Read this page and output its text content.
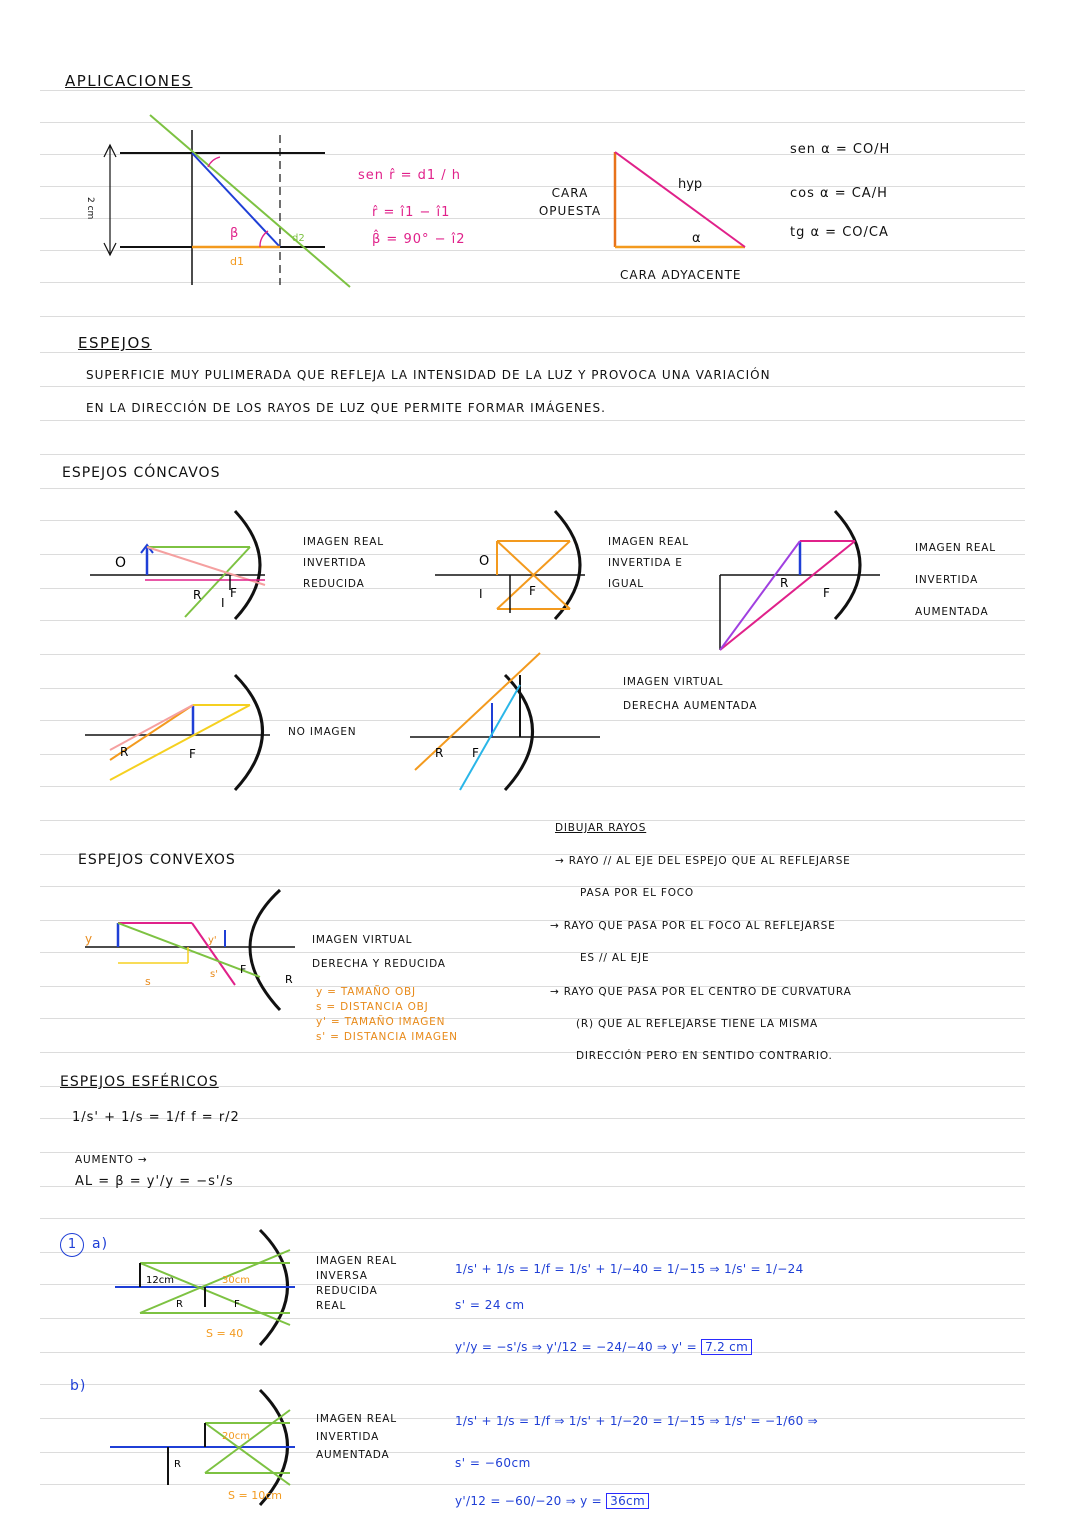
APLICACIONES
β
d1
d2
2 cm
sen r̂ = d1 / h
r̂ = î1 − î1
β̂ = 90° − î2
CARA OPUESTA
hyp
α
CARA ADYACENTE
sen α = CO/H
cos α = CA/H
tg α = CO/CA
ESPEJOS
SUPERFICIE MUY PULIMERADA QUE REFLEJA LA INTENSIDAD DE LA LUZ Y PROVOCA UNA VARIACIÓN
EN LA DIRECCIÓN DE LOS RAYOS DE LUZ QUE PERMITE FORMAR IMÁGENES.
ESPEJOS CÓNCAVOS
O
R F
I
IMAGEN REAL
INVERTIDA
REDUCIDA
O
I	F
IMAGEN REAL
INVERTIDA E
IGUAL	R
F
IMAGEN REAL
INVERTIDA
AUMENTADA
R	F
NO IMAGEN
R F
IMAGEN VIRTUAL
DERECHA AUMENTADA
DIBUJAR RAYOS
→ RAYO // AL EJE DEL ESPEJO QUE AL REFLEJARSE
PASA POR EL FOCO
→ RAYO QUE PASA POR EL FOCO AL REFLEJARSE
ES // AL EJE
→ RAYO QUE PASA POR EL CENTRO DE CURVATURA
(R) QUE AL REFLEJARSE TIENE LA MISMA
DIRECCIÓN PERO EN SENTIDO CONTRARIO.
ESPEJOS CONVEXOS
y
s
y'
s' F
R
IMAGEN VIRTUAL
DERECHA Y REDUCIDA
y = TAMAÑO OBJ
s = DISTANCIA OBJ
y' = TAMAÑO IMAGEN
s' = DISTANCIA IMAGEN
ESPEJOS ESFÉRICOS
1/s' + 1/s = 1/f f = r/2
AUMENTO →
AL = β = y'/y = −s'/s
1	a)
12cm	30cm
S = 40
R	F
IMAGEN REAL
INVERSA
REDUCIDA
REAL
1/s' + 1/s = 1/f = 1/s' + 1/−40 = 1/−15 ⇒ 1/s' = 1/−24
s' = 24 cm
y'/y = −s'/s ⇒ y'/12 = −24/−40 ⇒ y' = 7.2 cm
b)
20cm
S = 10cm
R
IMAGEN REAL
INVERTIDA
AUMENTADA
1/s' + 1/s = 1/f ⇒ 1/s' + 1/−20 = 1/−15 ⇒ 1/s' = −1/60 ⇒
s' = −60cm
y'/12 = −60/−20 ⇒ y = 36cm
